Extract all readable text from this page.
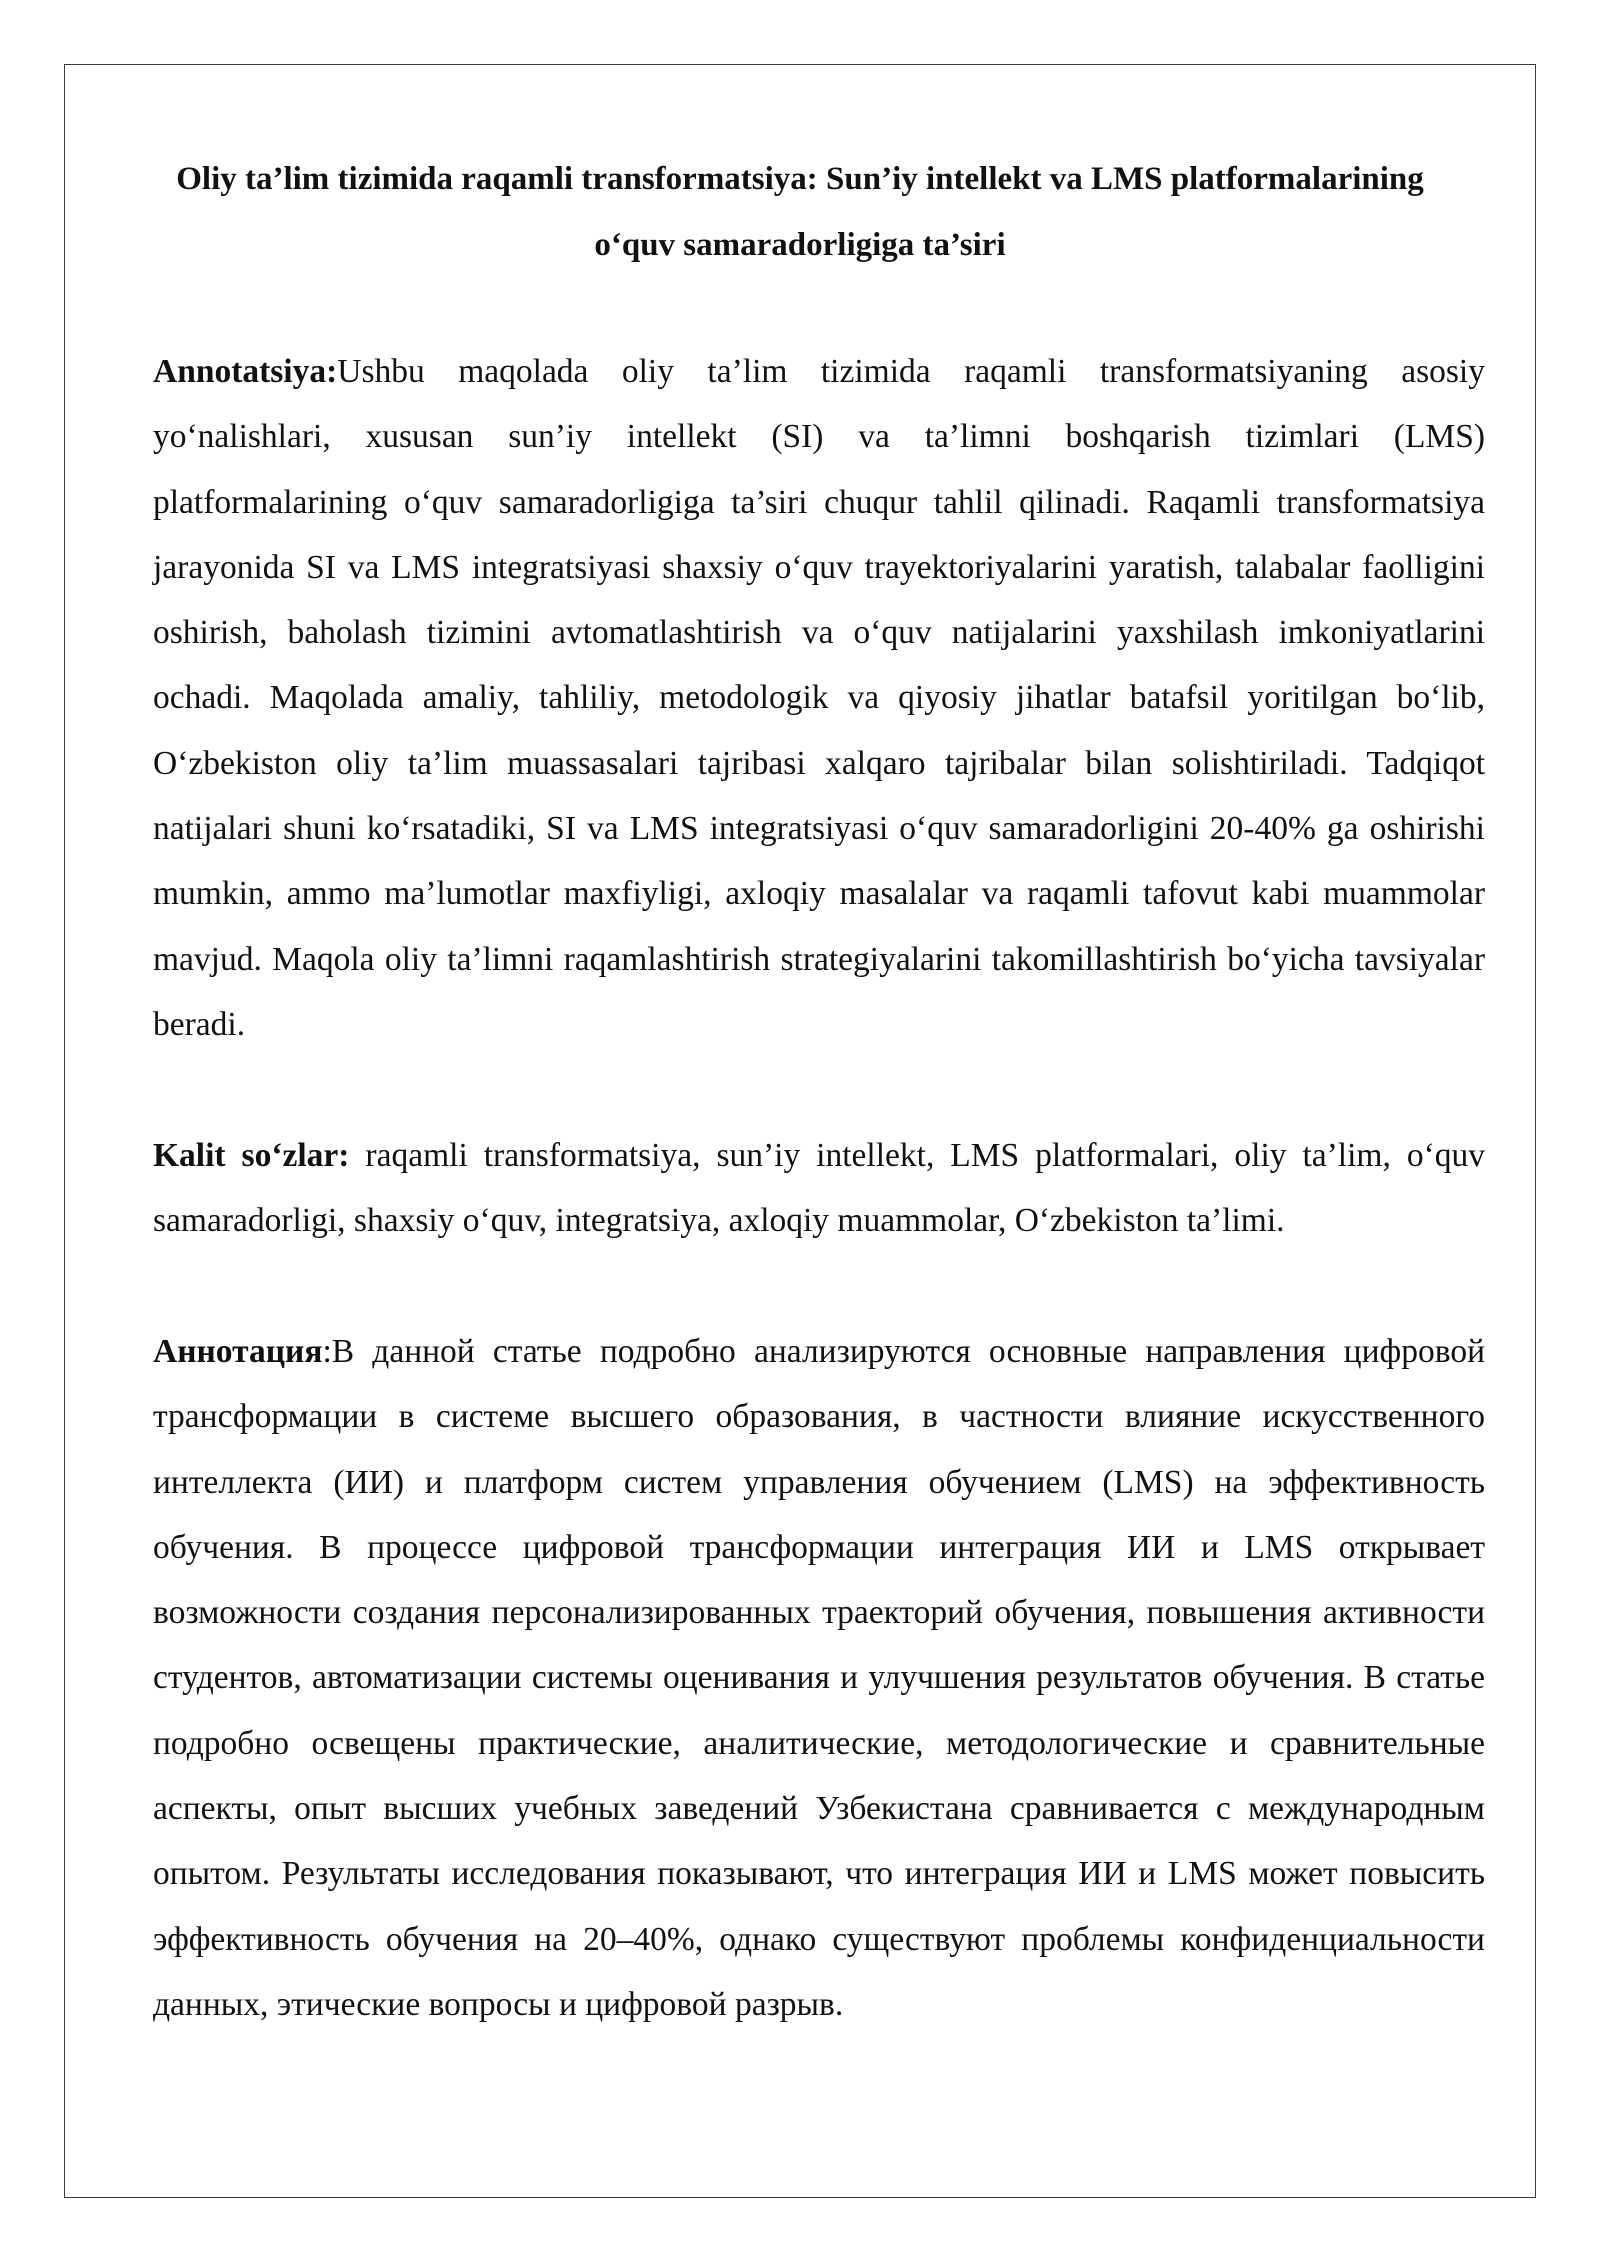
Oliy ta’lim tizimida raqamli transformatsiya: Sun’iy intellekt va LMS platformalarining o‘quv samaradorligiga ta’siri

Annotatsiya:Ushbu maqolada oliy ta’lim tizimida raqamli transformatsiyaning asosiy yo‘nalishlari, xususan sun’iy intellekt (SI) va ta’limni boshqarish tizimlari (LMS) platformalarining o‘quv samaradorligiga ta’siri chuqur tahlil qilinadi. Raqamli transformatsiya jarayonida SI va LMS integratsiyasi shaxsiy o‘quv trayektoriyalarini yaratish, talabalar faolligini oshirish, baholash tizimini avtomatlashtirish va o‘quv natijalarini yaxshilash imkoniyatlarini ochadi. Maqolada amaliy, tahliliy, metodologik va qiyosiy jihatlar batafsil yoritilgan bo‘lib, O‘zbekiston oliy ta’lim muassasalari tajribasi xalqaro tajribalar bilan solishtiriladi. Tadqiqot natijalari shuni ko‘rsatadiki, SI va LMS integratsiyasi o‘quv samaradorligini 20-40% ga oshirishi mumkin, ammo ma’lumotlar maxfiyligi, axloqiy masalalar va raqamli tafovut kabi muammolar mavjud. Maqola oliy ta’limni raqamlashtirish strategiyalarini takomillashtirish bo‘yicha tavsiyalar beradi.

Kalit so‘zlar: raqamli transformatsiya, sun’iy intellekt, LMS platformalari, oliy ta’lim, o‘quv samaradorligi, shaxsiy o‘quv, integratsiya, axloqiy muammolar, O‘zbekiston ta’limi.

Аннотация:В данной статье подробно анализируются основные направления цифровой трансформации в системе высшего образования, в частности влияние искусственного интеллекта (ИИ) и платформ систем управления обучением (LMS) на эффективность обучения. В процессе цифровой трансформации интеграция ИИ и LMS открывает возможности создания персонализированных траекторий обучения, повышения активности студентов, автоматизации системы оценивания и улучшения результатов обучения. В статье подробно освещены практические, аналитические, методологические и сравнительные аспекты, опыт высших учебных заведений Узбекистана сравнивается с международным опытом. Результаты исследования показывают, что интеграция ИИ и LMS может повысить эффективность обучения на 20–40%, однако существуют проблемы конфиденциальности данных, этические вопросы и цифровой разрыв.
